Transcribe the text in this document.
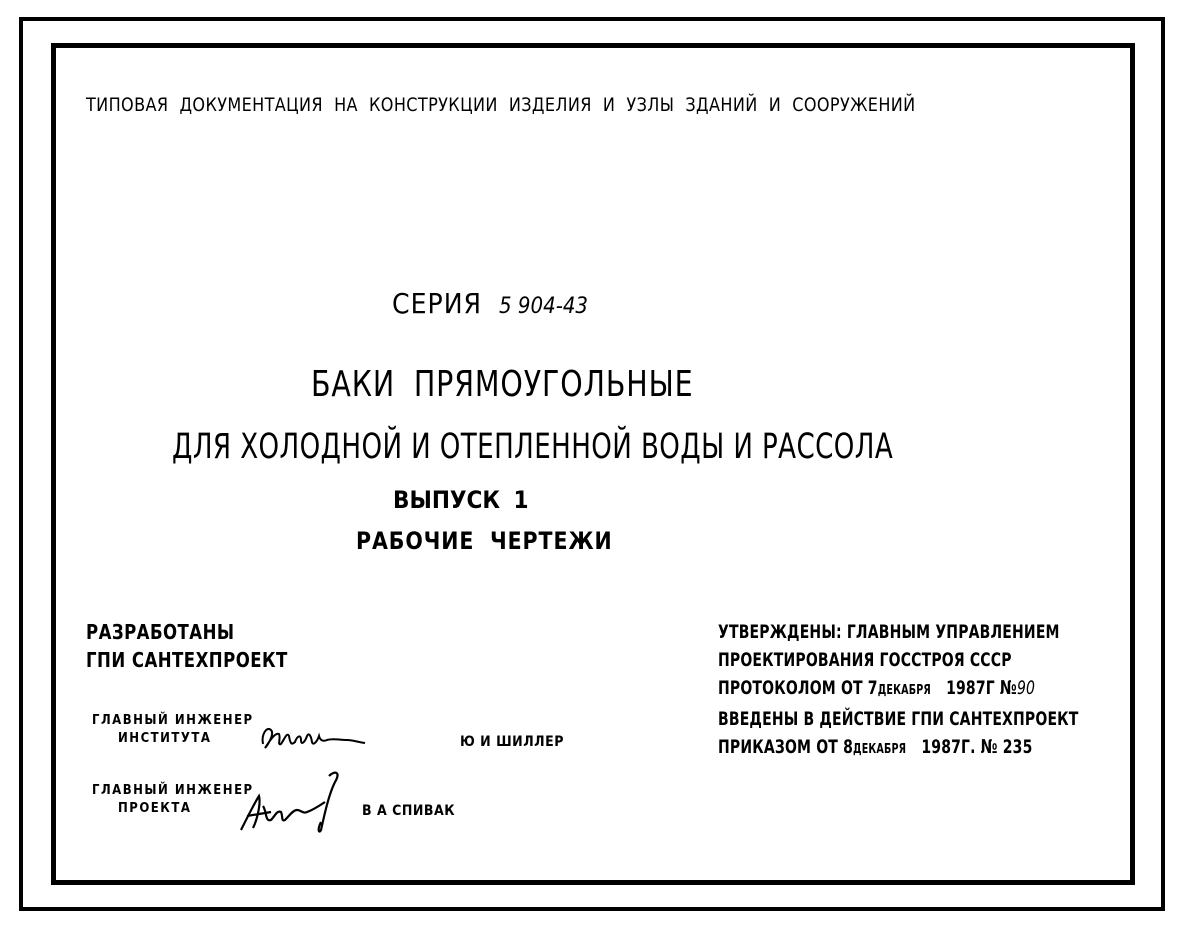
ТИПОВАЯ ДОКУМЕНТАЦИЯ НА КОНСТРУКЦИИ ИЗДЕЛИЯ И УЗЛЫ ЗДАНИЙ И СООРУЖЕНИЙ
СЕРИЯ 5 904-43
БАКИ ПРЯМОУГОЛЬНЫЕ
ДЛЯ ХОЛОДНОЙ И ОТЕПЛЕННОЙ ВОДЫ И РАССОЛА
ВЫПУСК 1
РАБОЧИЕ ЧЕРТЕЖИ
РАЗРАБОТАНЫ
ГПИ САНТЕХПРОЕКТ
УТВЕРЖДЕНЫ: ГЛАВНЫМ УПРАВЛЕНИЕМ
ПРОЕКТИРОВАНИЯ ГОССТРОЯ СССР
ПРОТОКОЛОМ ОТ 7ДЕКАБРЯ 1987Г №90
ВВЕДЕНЫ В ДЕЙСТВИЕ ГПИ САНТЕХПРОЕКТ
ПРИКАЗОМ ОТ 8ДЕКАБРЯ 1987Г. № 235
ГЛАВНЫЙ ИНЖЕНЕР
ИНСТИТУТА	Ю И ШИЛЛЕР
ГЛАВНЫЙ ИНЖЕНЕР
ПРОЕКТА	В А СПИВАК
